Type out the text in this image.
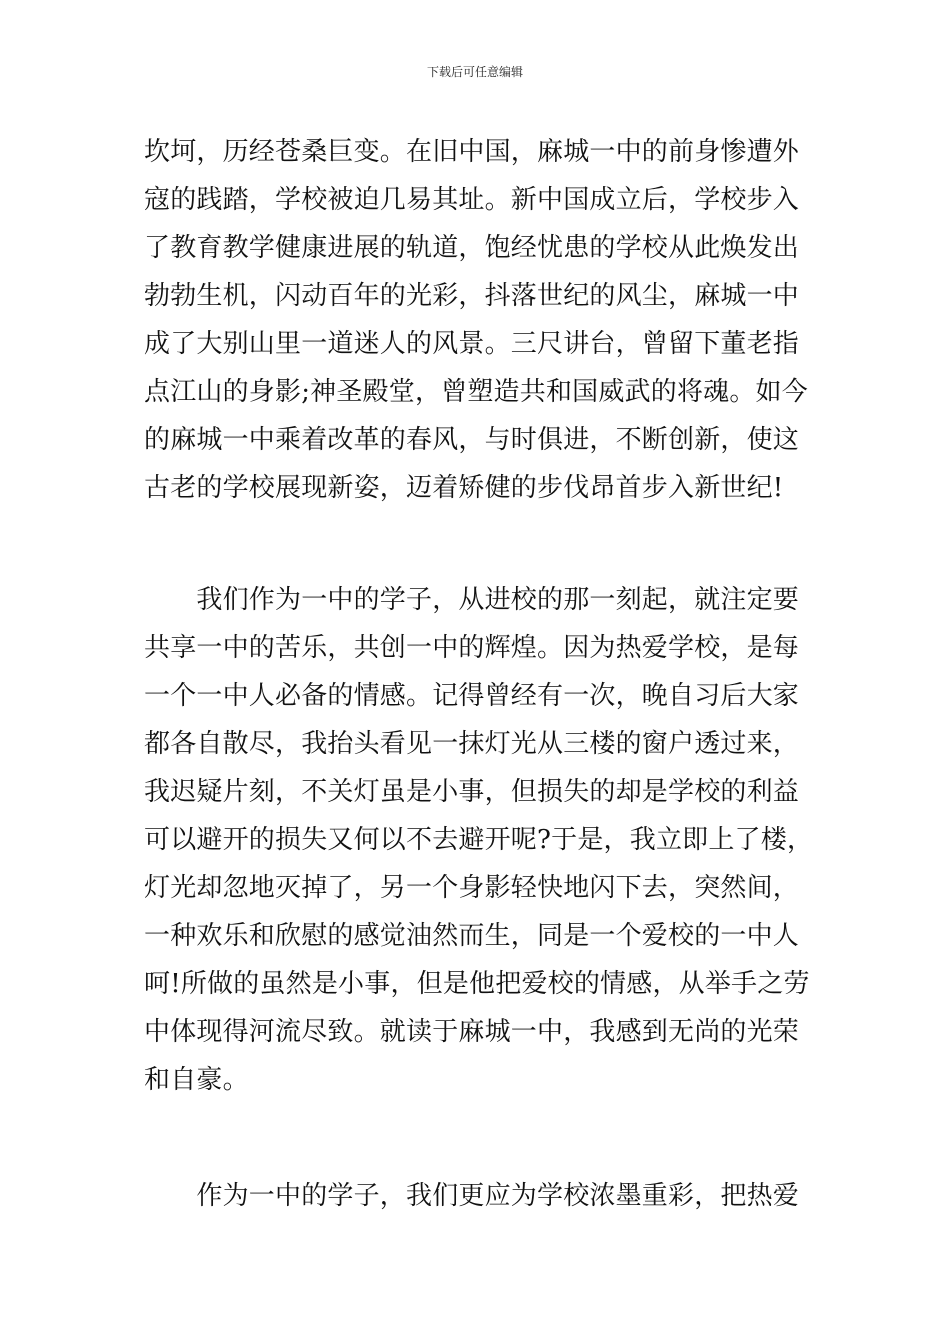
下载后可任意编辑
坎坷，历经苍桑巨变。在旧中国，麻城一中的前身惨遭外
寇的践踏，学校被迫几易其址。新中国成立后，学校步入
了教育教学健康进展的轨道，饱经忧患的学校从此焕发出
勃勃生机，闪动百年的光彩，抖落世纪的风尘，麻城一中
成了大别山里一道迷人的风景。三尺讲台，曾留下董老指
点江山的身影;神圣殿堂，曾塑造共和国威武的将魂。如今
的麻城一中乘着改革的春风，与时俱进，不断创新，使这
古老的学校展现新姿，迈着矫健的步伐昂首步入新世纪!
　　我们作为一中的学子，从进校的那一刻起，就注定要
共享一中的苦乐，共创一中的辉煌。因为热爱学校，是每
一个一中人必备的情感。记得曾经有一次，晚自习后大家
都各自散尽，我抬头看见一抹灯光从三楼的窗户透过来，
我迟疑片刻，不关灯虽是小事，但损失的却是学校的利益
可以避开的损失又何以不去避开呢?于是，我立即上了楼，
灯光却忽地灭掉了，另一个身影轻快地闪下去，突然间，
一种欢乐和欣慰的感觉油然而生，同是一个爱校的一中人
呵!所做的虽然是小事，但是他把爱校的情感，从举手之劳
中体现得河流尽致。就读于麻城一中，我感到无尚的光荣
和自豪。
　　作为一中的学子，我们更应为学校浓墨重彩，把热爱
